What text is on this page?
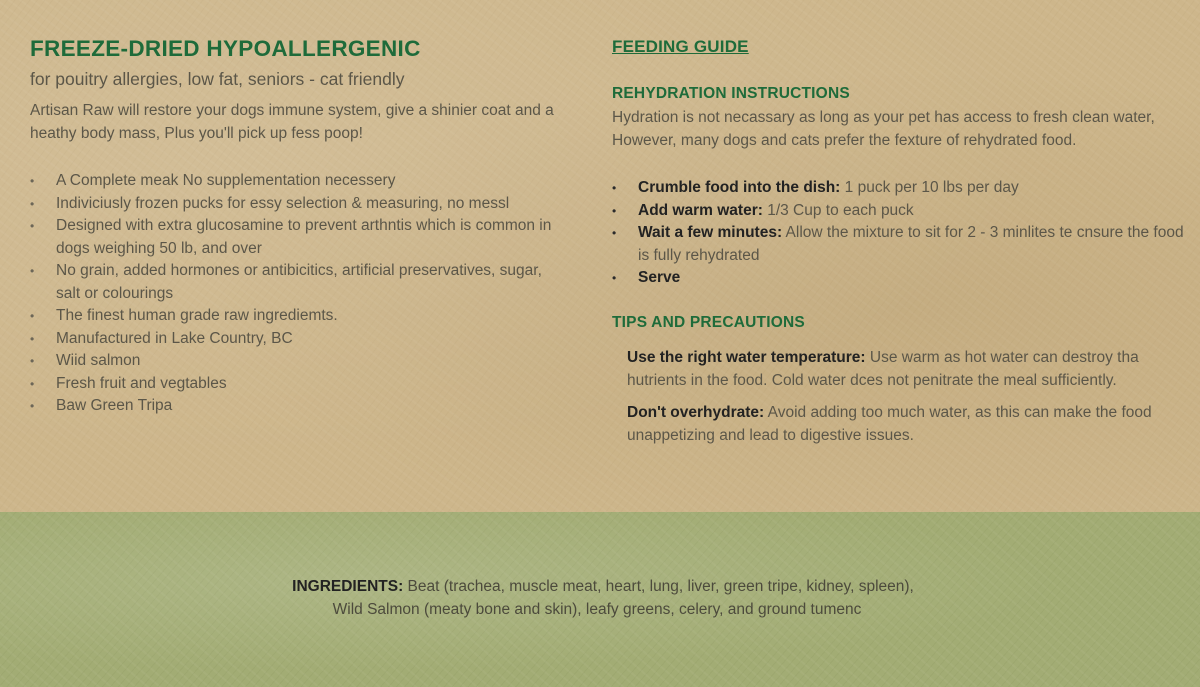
FREEZE-DRIED HYPOALLERGENIC

for pouitry allergies, low fat, seniors - cat friendly

Artisan Raw will restore your dogs immune system, give a shinier coat and a heathy body mass, Plus you'll pick up fess poop!

• A Complete meak No supplementation necessery
• Indiviciusly frozen pucks for essy selection & measuring, no messl
• Designed with extra glucosamine to prevent arthntis which is common in dogs weighing 50 lb, and over
• No grain, added hormones or antibicitics, artificial preservatives, sugar, salt or colourings
• The finest human grade raw ingrediemts.
• Manufactured in Lake Country, BC
• Wiid salmon
• Fresh fruit and vegtables
• Baw Green Tripa
FEEDING GUIDE
REHYDRATION INSTRUCTIONS

Hydration is not necassary as long as your pet has access to fresh clean water, However, many dogs and cats prefer the fexture of rehydrated food.

• Crumble food into the dish: 1 puck per 10 lbs per day
• Add warm water: 1/3 Cup to each puck
• Wait a few minutes: Allow the mixture to sit for 2 - 3 minlites te cnsure the food is fully rehydrated
• Serve
TIPS AND PRECAUTIONS

Use the right water temperature: Use warm as hot water can destroy tha hutrients in the food. Cold water dces not penitrate the meal sufficiently.

Don't overhydrate: Avoid adding too much water, as this can make the food unappetizing and lead to digestive issues.

INGREDIENTS: Beat (trachea, muscle meat, heart, lung, liver, green tripe, kidney, spleen),
Wild Salmon (meaty bone and skin), leafy greens, celery, and ground tumenc
